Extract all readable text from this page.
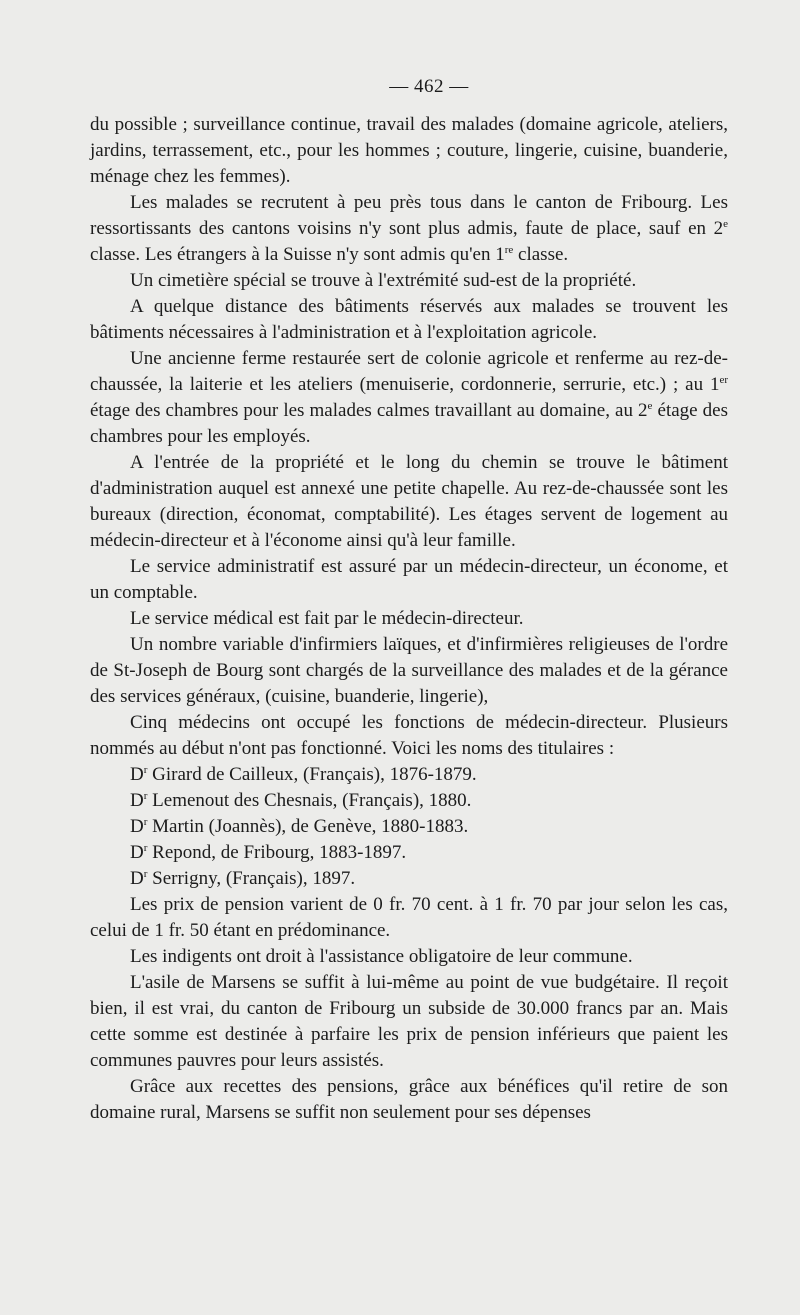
— 462 —

du possible ; surveillance continue, travail des malades (domaine agricole, ateliers, jardins, terrassement, etc., pour les hommes ; couture, lingerie, cuisine, buanderie, ménage chez les femmes).

Les malades se recrutent à peu près tous dans le canton de Fribourg. Les ressortissants des cantons voisins n'y sont plus admis, faute de place, sauf en 2e classe. Les étrangers à la Suisse n'y sont admis qu'en 1re classe.

Un cimetière spécial se trouve à l'extrémité sud-est de la propriété.

A quelque distance des bâtiments réservés aux malades se trouvent les bâtiments nécessaires à l'administration et à l'exploitation agricole.

Une ancienne ferme restaurée sert de colonie agricole et renferme au rez-de-chaussée, la laiterie et les ateliers (menuiserie, cordonnerie, serrurie, etc.) ; au 1er étage des chambres pour les malades calmes travaillant au domaine, au 2e étage des chambres pour les employés.

A l'entrée de la propriété et le long du chemin se trouve le bâtiment d'administration auquel est annexé une petite chapelle. Au rez-de-chaussée sont les bureaux (direction, économat, comptabilité). Les étages servent de logement au médecin-directeur et à l'économe ainsi qu'à leur famille.

Le service administratif est assuré par un médecin-directeur, un économe, et un comptable.

Le service médical est fait par le médecin-directeur.

Un nombre variable d'infirmiers laïques, et d'infirmières religieuses de l'ordre de St-Joseph de Bourg sont chargés de la surveillance des malades et de la gérance des services généraux, (cuisine, buanderie, lingerie),

Cinq médecins ont occupé les fonctions de médecin-directeur. Plusieurs nommés au début n'ont pas fonctionné. Voici les noms des titulaires :

$D^r$ Girard de Cailleux, (Français), 1876-1879.

$D^r$ Lemenout des Chesnais, (Français), 1880.

$D^r$ Martin (Joannès), de Genève, 1880-1883.

$D^r$ Repond, de Fribourg, 1883-1897.

$D^r$ Serrigny, (Français), 1897.

Les prix de pension varient de 0 fr. 70 cent. à 1 fr. 70 par jour selon les cas, celui de 1 fr. 50 étant en prédominance.

Les indigents ont droit à l'assistance obligatoire de leur commune.

L'asile de Marsens se suffit à lui-même au point de vue budgétaire. Il reçoit bien, il est vrai, du canton de Fribourg un subside de 30.000 francs par an. Mais cette somme est destinée à parfaire les prix de pension inférieurs que paient les communes pauvres pour leurs assistés.

Grâce aux recettes des pensions, grâce aux bénéfices qu'il retire de son domaine rural, Marsens se suffit non seulement pour ses dépenses
